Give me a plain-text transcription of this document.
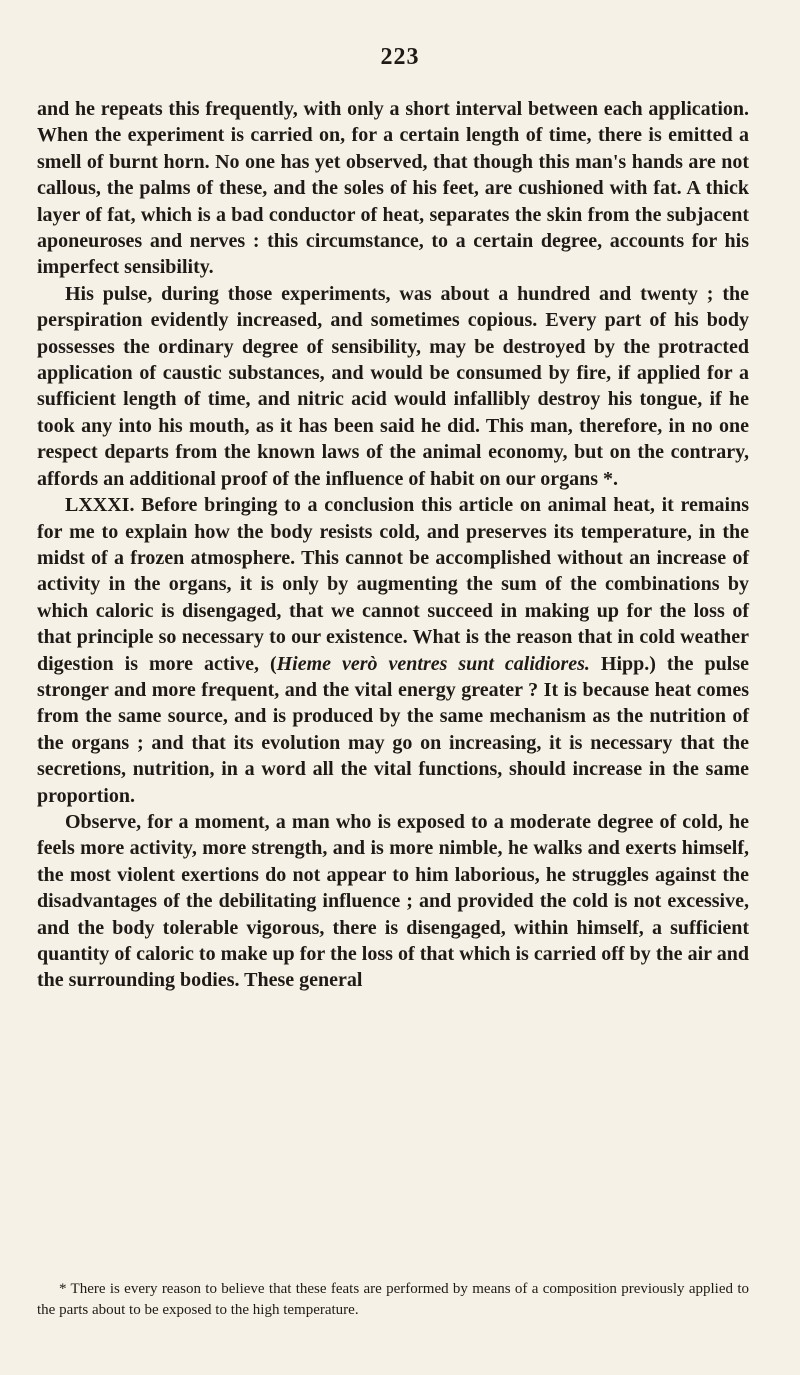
223

and he repeats this frequently, with only a short interval between each application. When the experiment is carried on, for a certain length of time, there is emitted a smell of burnt horn. No one has yet observed, that though this man's hands are not callous, the palms of these, and the soles of his feet, are cushioned with fat. A thick layer of fat, which is a bad conductor of heat, separates the skin from the subjacent aponeuroses and nerves : this circumstance, to a certain degree, accounts for his imperfect sensibility.

His pulse, during those experiments, was about a hundred and twenty ; the perspiration evidently increased, and sometimes copious. Every part of his body possesses the ordinary degree of sensibility, may be destroyed by the protracted application of caustic substances, and would be consumed by fire, if applied for a sufficient length of time, and nitric acid would infallibly destroy his tongue, if he took any into his mouth, as it has been said he did. This man, therefore, in no one respect departs from the known laws of the animal economy, but on the contrary, affords an additional proof of the influence of habit on our organs *.

LXXXI. Before bringing to a conclusion this article on animal heat, it remains for me to explain how the body resists cold, and preserves its temperature, in the midst of a frozen atmosphere. This cannot be accomplished without an increase of activity in the organs, it is only by augmenting the sum of the combinations by which caloric is disengaged, that we cannot succeed in making up for the loss of that principle so necessary to our existence. What is the reason that in cold weather digestion is more active, (Hieme verò ventres sunt calidiores. Hipp.) the pulse stronger and more frequent, and the vital energy greater ? It is because heat comes from the same source, and is produced by the same mechanism as the nutrition of the organs ; and that its evolution may go on increasing, it is necessary that the secretions, nutrition, in a word all the vital functions, should increase in the same proportion.

Observe, for a moment, a man who is exposed to a moderate degree of cold, he feels more activity, more strength, and is more nimble, he walks and exerts himself, the most violent exertions do not appear to him laborious, he struggles against the disadvantages of the debilitating influence ; and provided the cold is not excessive, and the body tolerable vigorous, there is disengaged, within himself, a sufficient quantity of caloric to make up for the loss of that which is carried off by the air and the surrounding bodies. These general

* There is every reason to believe that these feats are performed by means of a composition previously applied to the parts about to be exposed to the high temperature.
